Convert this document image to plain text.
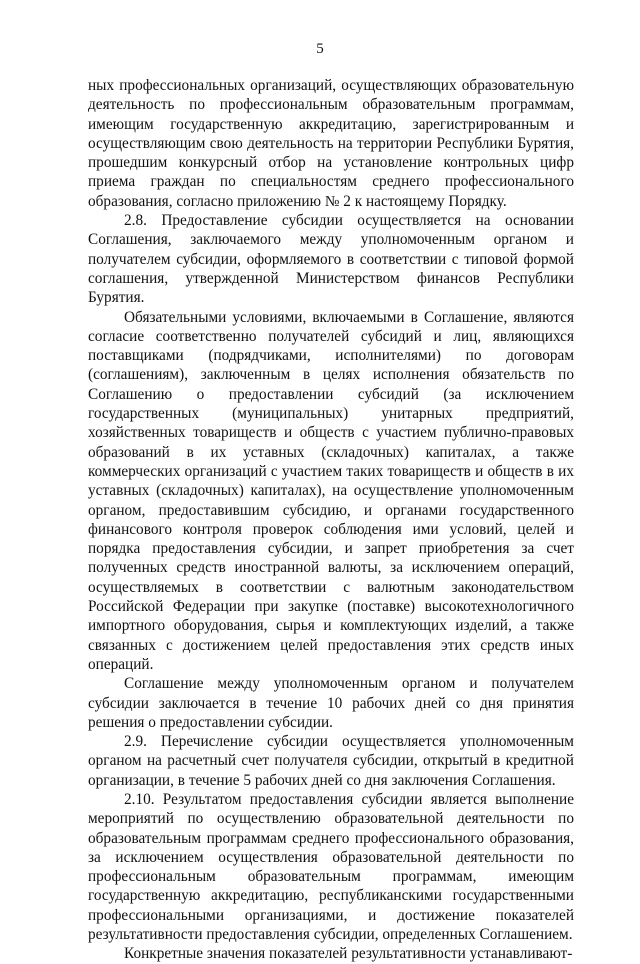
5

ных профессиональных организаций, осуществляющих образовательную деятельность по профессиональным образовательным программам, имеющим государственную аккредитацию, зарегистрированным и осуществляющим свою деятельность на территории Республики Бурятия, прошедшим конкурсный отбор на установление контрольных цифр приема граждан по специальностям среднего профессионального образования, согласно приложению № 2 к настоящему Порядку.

2.8. Предоставление субсидии осуществляется на основании Соглашения, заключаемого между уполномоченным органом и получателем субсидии, оформляемого в соответствии с типовой формой соглашения, утвержденной Министерством финансов Республики Бурятия.

Обязательными условиями, включаемыми в Соглашение, являются согласие соответственно получателей субсидий и лиц, являющихся поставщиками (подрядчиками, исполнителями) по договорам (соглашениям), заключенным в целях исполнения обязательств по Соглашению о предоставлении субсидий (за исключением государственных (муниципальных) унитарных предприятий, хозяйственных товариществ и обществ с участием публично-правовых образований в их уставных (складочных) капиталах, а также коммерческих организаций с участием таких товариществ и обществ в их уставных (складочных) капиталах), на осуществление уполномоченным органом, предоставившим субсидию, и органами государственного финансового контроля проверок соблюдения ими условий, целей и порядка предоставления субсидии, и запрет приобретения за счет полученных средств иностранной валюты, за исключением операций, осуществляемых в соответствии с валютным законодательством Российской Федерации при закупке (поставке) высокотехнологичного импортного оборудования, сырья и комплектующих изделий, а также связанных с достижением целей предоставления этих средств иных операций.

Соглашение между уполномоченным органом и получателем субсидии заключается в течение 10 рабочих дней со дня принятия решения о предоставлении субсидии.

2.9. Перечисление субсидии осуществляется уполномоченным органом на расчетный счет получателя субсидии, открытый в кредитной организации, в течение 5 рабочих дней со дня заключения Соглашения.

2.10. Результатом предоставления субсидии является выполнение мероприятий по осуществлению образовательной деятельности по образовательным программам среднего профессионального образования, за исключением осуществления образовательной деятельности по профессиональным образовательным программам, имеющим государственную аккредитацию, республиканскими государственными профессиональными организациями, и достижение показателей результативности предоставления субсидии, определенных Соглашением.

Конкретные значения показателей результативности устанавливают-
